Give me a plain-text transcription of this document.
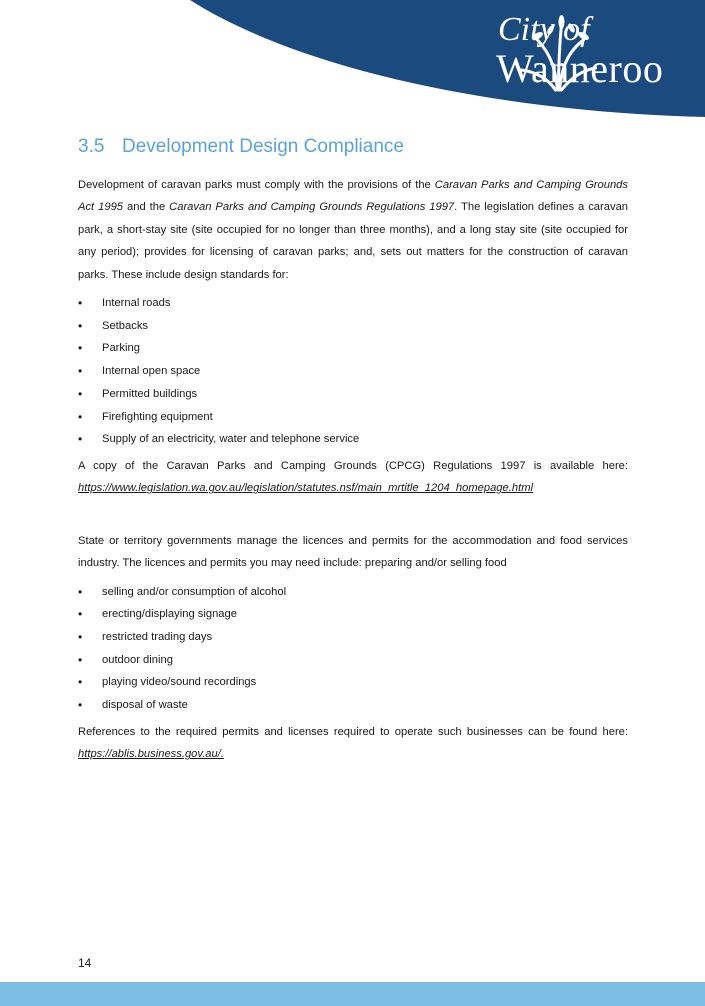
City of
Wanneroo
3.5 Development Design Compliance

Development of caravan parks must comply with the provisions of the Caravan Parks and Camping Grounds Act 1995 and the Caravan Parks and Camping Grounds Regulations 1997. The legislation defines a caravan park, a short-stay site (site occupied for no longer than three months), and a long stay site (site occupied for any period); provides for licensing of caravan parks; and, sets out matters for the construction of caravan parks. These include design standards for:

• Internal roads
• Setbacks
• Parking
• Internal open space
• Permitted buildings
• Firefighting equipment
• Supply of an electricity, water and telephone service

A copy of the Caravan Parks and Camping Grounds (CPCG) Regulations 1997 is available here: https://www.legislation.wa.gov.au/legislation/statutes.nsf/main_mrtitle_1204_homepage.html

State or territory governments manage the licences and permits for the accommodation and food services industry. The licences and permits you may need include: preparing and/or selling food

• selling and/or consumption of alcohol
• erecting/displaying signage
• restricted trading days
• outdoor dining
• playing video/sound recordings
• disposal of waste

References to the required permits and licenses required to operate such businesses can be found here: https://ablis.business.gov.au/.

14
